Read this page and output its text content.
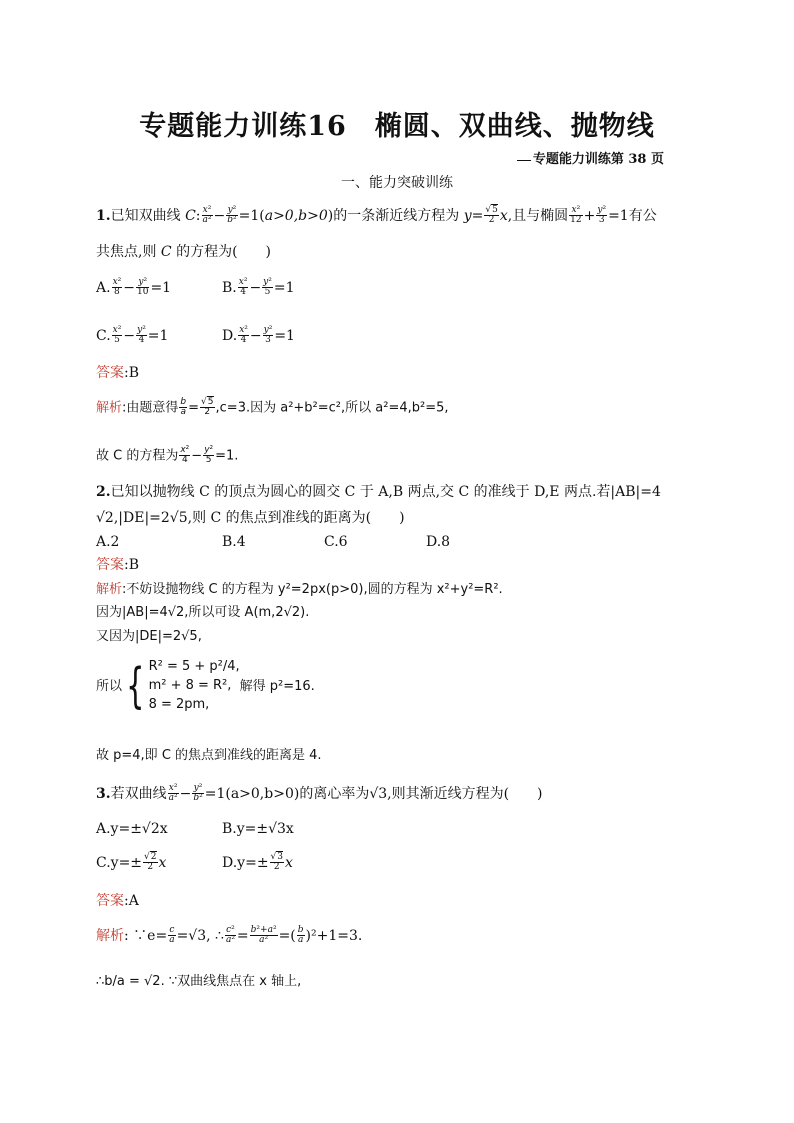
专题能力训练16　椭圆、双曲线、抛物线
专题能力训练第 38 页
一、能力突破训练
1.已知双曲线 C: $\frac{\text{x²}}{\text{a²}} - \frac{\text{y²}}{\text{b²}} =1(a>0,b>0)$的一条渐近线方程为 $y= \frac{√5}{2} x$,且与椭圆 $\frac{\text{x²}}{12} + \frac{\text{y²}}{3} =1$有公
共焦点,则 C 的方程为(　　)
A. $\frac{\text{x²}}{8} - \frac{\text{y²}}{10} =1$	B. $\frac{\text{x²}}{4} - \frac{\text{y²}}{5} =1$
C. $\frac{\text{x²}}{5} - \frac{\text{y²}}{4} =1$	D. $\frac{\text{x²}}{4} - \frac{\text{y²}}{3} =1$
答案:B
解析:由题意得 $\frac{b}{a} = \frac{√5}{2} ,c=3$.因为 a²+b²=c²,所以 a²=4,b²=5,
故 C 的方程为 $\frac{\text{x²}}{4} - \frac{\text{y²}}{5} =1$.
2.已知以抛物线 C 的顶点为圆心的圆交 C 于 A,B 两点,交 C 的准线于 D,E 两点.若|AB|=4
√2,|DE|=2√5,则 C 的焦点到准线的距离为(　　)
A.2	B.4	C.6	D.8
答案:B
解析:不妨设抛物线 C 的方程为 y²=2px(p>0),圆的方程为 x²+y²=R².
因为|AB|=4√2,所以可设 A(m,2√2).
又因为|DE|=2√5,
所以{ R² = 5 + p²/4,
m² + 8 = R²,
8 = 2pm,
解得 p²=16.
故 p=4,即 C 的焦点到准线的距离是 4.
3.若双曲线 $\frac{\text{x²}}{\text{a²}} - \frac{\text{y²}}{\text{b²}} =1(a>0,b>0)$的离心率为√3,则其渐近线方程为(　　)
A.y=±√2x	B.y=±√3x
$C.y=\pm \frac{√2}{2}$ x	$D.y=\pm \frac{√3}{2}$ x
答案:A
解析: ∵e= $\frac{c}{a} =√3$, ∴ $\frac{\text{c²}}{\text{a²}} = \frac{\text{b²+a²}}{\text{a²}}$ =( $\frac{b}{a} )^2+1=3$.
∴b/a = √2. ∵双曲线焦点在 x 轴上,
